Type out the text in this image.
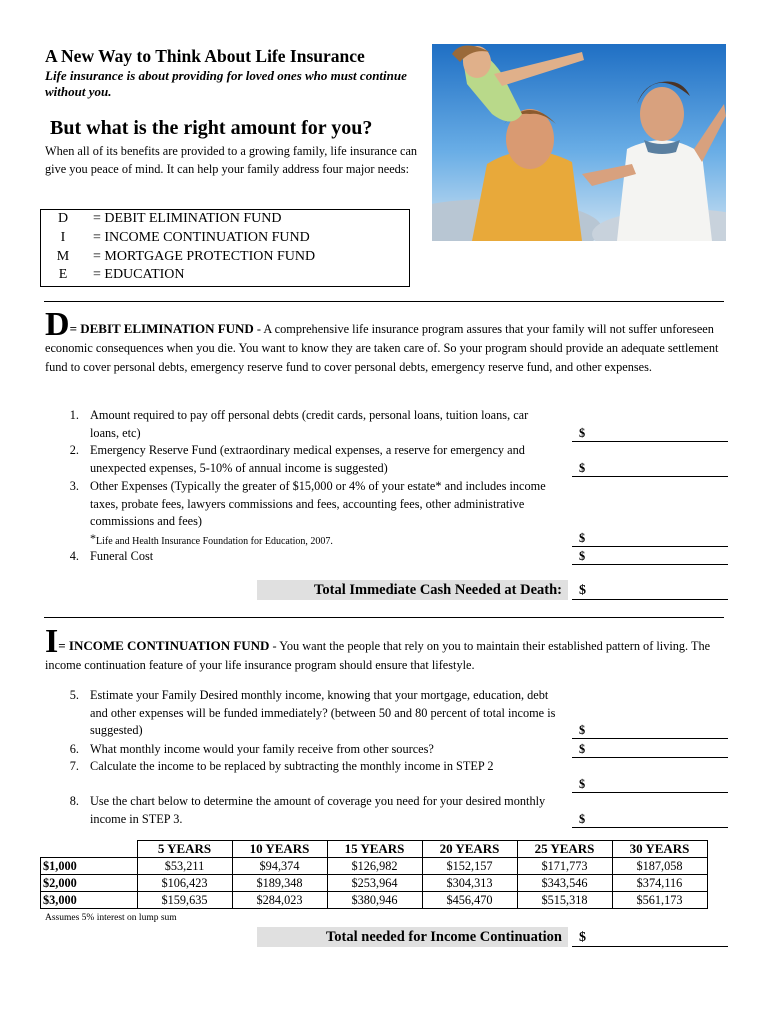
A New Way to Think About Life Insurance
Life insurance is about providing for loved ones who must continue without you.
But what is the right amount for you?
When all of its benefits are provided to a growing family, life insurance can give you peace of mind. It can help your family address four major needs:
D	= DEBIT ELIMINATION FUND
I	= INCOME CONTINUATION FUND
M = MORTGAGE PROTECTION FUND
E	= EDUCATION
D= DEBIT ELIMINATION FUND - A comprehensive life insurance program assures that your family will not suffer unforeseen economic consequences when you die. You want to know they are taken care of. So your program should provide an adequate settlement fund to cover personal debts, emergency reserve fund to cover personal debts, emergency reserve fund, and other expenses.
1. Amount required to pay off personal debts (credit cards, personal loans, tuition loans, car loans, etc)	$
2. Emergency Reserve Fund (extraordinary medical expenses, a reserve for emergency and unexpected expenses, 5-10% of annual income is suggested)	$
3. Other Expenses (Typically the greater of $15,000 or 4% of your estate* and includes income taxes, probate fees, lawyers commissions and fees, accounting fees, other administrative commissions and fees)
*Life and Health Insurance Foundation for Education, 2007.	$
4. Funeral Cost	$
Total Immediate Cash Needed at Death:	$
I= INCOME CONTINUATION FUND - You want the people that rely on you to maintain their established pattern of living. The income continuation feature of your life insurance program should ensure that lifestyle.
5. Estimate your Family Desired monthly income, knowing that your mortgage, education, debt and other expenses will be funded immediately? (between 50 and 80 percent of total income is suggested)	$
6. What monthly income would your family receive from other sources?	$
7. Calculate the income to be replaced by subtracting the monthly income in STEP 2
$
8. Use the chart below to determine the amount of coverage you need for your desired monthly income in STEP 3.	$
	5 YEARS	10 YEARS	15 YEARS	20 YEARS	25 YEARS	30 YEARS
$1,000	$53,211	$94,374	$126,982	$152,157	$171,773	$187,058
$2,000	$106,423	$189,348	$253,964	$304,313	$343,546	$374,116
$3,000	$159,635	$284,023	$380,946	$456,470	$515,318	$561,173
Assumes 5% interest on lump sum
Total needed for Income Continuation	$
